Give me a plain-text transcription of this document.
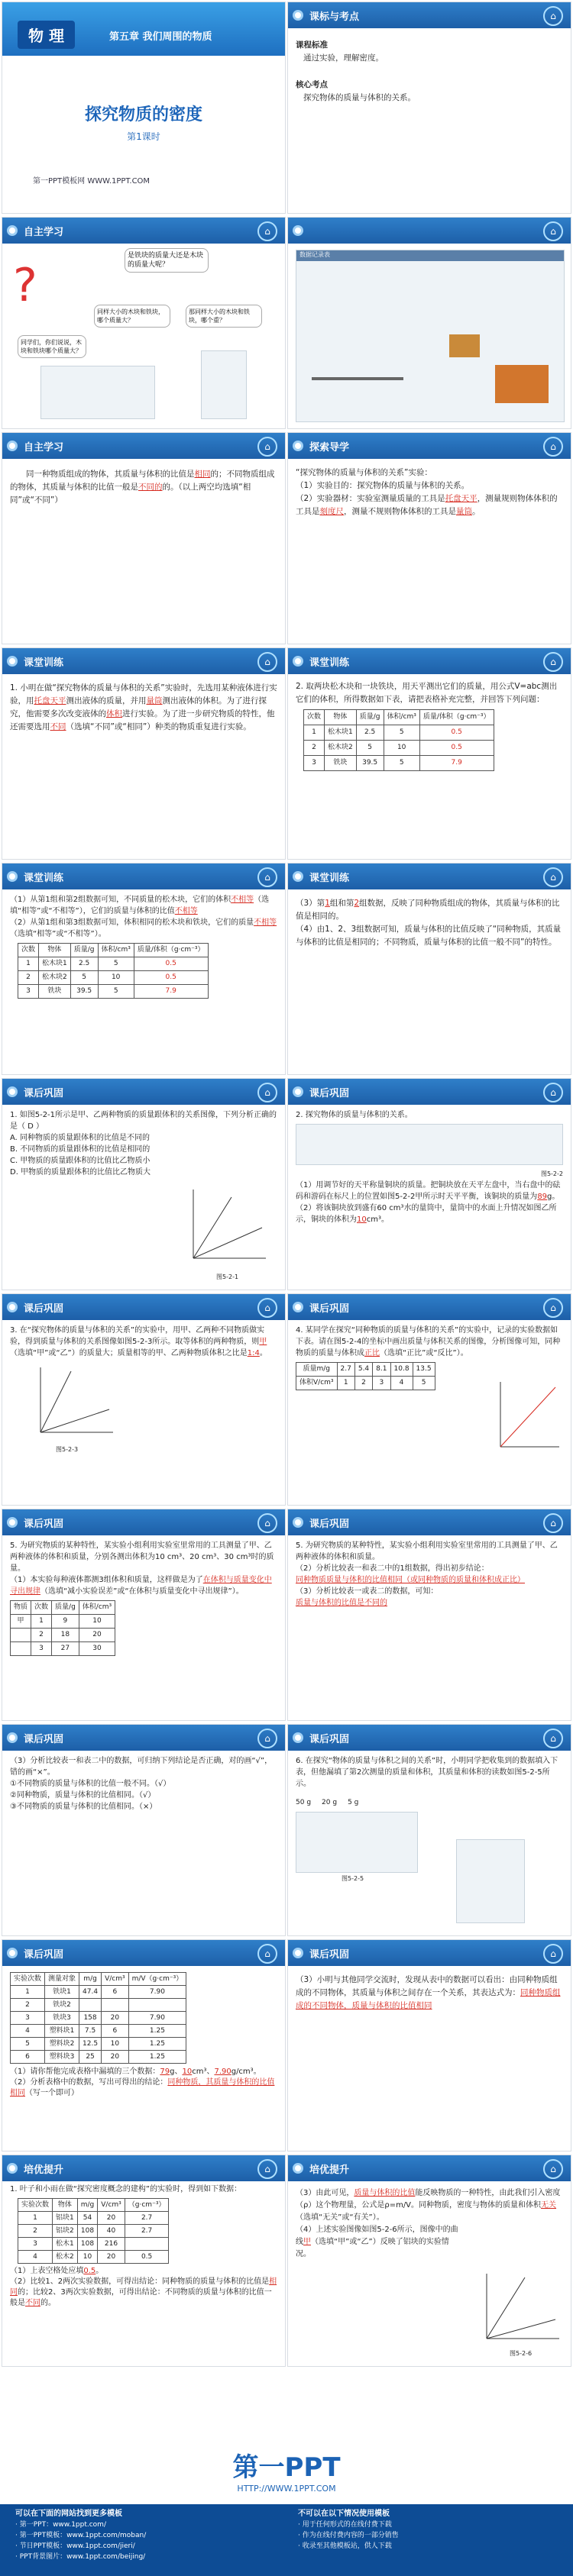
物 理	第五章 我们周围的物质
探究物质的密度
第1课时
第一PPT模板网 WWW.1PPT.COM
课标与考点	⌂
课程标准
通过实验，理解密度。
核心考点
探究物体的质量与体积的关系。
自主学习	⌂
?
是铁块的质量大还是木块的质量大呢？
同学们，你们说说，木块和铁块哪个质量大？
同样大小的木块和铁块，哪个质量大？
那同样大小的木块和铁块，哪个重？
⌂
数据记录表
自主学习	⌂
同一种物质组成的物体，其质量与体积的比值是相同的；不同物质组成的物体，其质量与体积的比值一般是不同的的。（以上两空均选填“相同”或“不同”）
探索导学	⌂
“探究物体的质量与体积的关系”实验：
（1）实验目的：探究物体的质量与体积的关系。
（2）实验器材：实验室测量质量的工具是托盘天平，测量规则物体体积的工具是刻度尺，测量不规则物体体积的工具是量筒。
课堂训练	⌂
1. 小明在做“探究物体的质量与体积的关系”实验时，先选用某种液体进行实验，用托盘天平测出液体的质量，并用量筒测出液体的体积。为了进行探究，他需要多次改变液体的体积进行实验。为了进一步研究物质的特性，他还需要选用不同（选填“不同”或“相同”）种类的物质重复进行实验。
课堂训练	⌂
2. 取两块松木块和一块铁块，用天平测出它们的质量，用公式V=abc测出它们的体积，所得数据如下表，请把表格补充完整，并回答下列问题：
次数	物体	质量/g	体积/cm³	质量/体积（g·cm⁻³）
1	松木块1	2.5	5	0.5
2	松木块2	5	10	0.5
3	铁块	39.5	5	7.9
课堂训练	⌂
（1）从第1组和第2组数据可知，不同质量的松木块，它们的体积不相等（选填“相等”或“不相等”），它们的质量与体积的比值不相等
（2）从第1组和第3组数据可知，体积相同的松木块和铁块，它们的质量不相等（选填“相等”或“不相等”）。
次数	物体	质量/g	体积/cm³	质量/体积（g·cm⁻³）
1	松木块1	2.5	5	0.5
2	松木块2	5	10	0.5
3	铁块	39.5	5	7.9
课堂训练	⌂
（3）第1组和第2组数据，反映了同种物质组成的物体，其质量与体积的比值是相同的。
（4）由1、2、3组数据可知，质量与体积的比值反映了“同种物质，其质量与体积的比值是相同的；不同物质，质量与体积的比值一般不同”的特性。
课后巩固	⌂
1. 如图5-2-1所示是甲、乙两种物质的质量跟体积的关系图像，下列分析正确的是（ D ）
A. 同种物质的质量跟体积的比值是不同的
B. 不同物质的质量跟体积的比值是相同的
C. 甲物质的质量跟体积的比值比乙物质小
D. 甲物质的质量跟体积的比值比乙物质大
图5-2-1
课后巩固	⌂
2. 探究物体的质量与体积的关系。
图5-2-2
（1）用调节好的天平称量铜块的质量。把铜块放在天平左盘中，当右盘中的砝码和游码在标尺上的位置如图5-2-2甲所示时天平平衡，该铜块的质量为89g。
（2）将该铜块放到盛有60 cm³水的量筒中，量筒中的水面上升情况如图乙所示，铜块的体积为10cm³。
课后巩固	⌂
3. 在“探究物体的质量与体积的关系”的实验中，用甲、乙两种不同物质做实验，得到质量与体积的关系图像如图5-2-3所示。取等体积的两种物质，则甲（选填“甲”或“乙”）的质量大；质量相等的甲、乙两种物质体积之比是1:4。
图5-2-3
课后巩固	⌂
4. 某同学在探究“同种物质的质量与体积的关系”的实验中，记录的实验数据如下表。请在图5-2-4的坐标中画出质量与体积关系的图像，分析图像可知，同种物质的质量与体积成正比（选填“正比”或“反比”）。
质量m/g	2.7	5.4	8.1	10.8	13.5
体积V/cm³	1	2	3	4	5
课后巩固	⌂
5. 为研究物质的某种特性，某实验小组利用实验室里常用的工具测量了甲、乙两种液体的体积和质量，分别各测出体积为10 cm³、20 cm³、30 cm³时的质量。
（1）本实验每种液体都测3组体积和质量，这样做是为了在体积与质量变化中寻出规律（选填“减小实验误差”或“在体积与质量变化中寻出规律”）。
物质	次数	质量/g	体积/cm³
甲	1	9	10
	2	18	20
	3	27	30
课后巩固	⌂
5. 为研究物质的某种特性，某实验小组利用实验室里常用的工具测量了甲、乙两种液体的体积和质量。
（2）分析比较表一和表二中的1组数据，得出初步结论：
同种物质质量与体积的比值相同（或同种物质的质量和体积成正比）
（3）分析比较表一或表二的数据，可知：
质量与体积的比值是不同的
课后巩固	⌂
（3）分析比较表一和表二中的数据，可归纳下列结论是否正确，对的画“√”，错的画“×”。
①不同物质的质量与体积的比值一般不同。（√）
②同种物质，质量与体积的比值相同。（√）
③不同物质的质量与体积的比值相同。（×）
课后巩固	⌂
6. 在探究“物体的质量与体积之间的关系”时，小明同学把收集到的数据填入下表，但他漏填了第2次测量的质量和体积，其质量和体积的读数如图5-2-5所示。
50 g 20 g 5 g
图5-2-5
课后巩固	⌂
实验次数	测量对象	m/g	V/cm³	m/V（g·cm⁻³）
1	铁块1	47.4	6	7.90
2	铁块2			
3	铁块3	158	20	7.90
4	塑料块1	7.5	6	1.25
5	塑料块2	12.5	10	1.25
6	塑料块3	25	20	1.25
（1）请你帮他完成表格中漏填的三个数据：79g、10cm³、7.90g/cm³。
（2）分析表格中的数据，写出可得出的结论：同种物质，其质量与体积的比值相同（写一个即可）
课后巩固	⌂
（3）小明与其他同学交流时，发现从表中的数据可以看出：由同种物质组成的不同物体，其质量与体积之间存在一个关系，其表达式为：同种物质组成的不同物体，质量与体积的比值相同
培优提升	⌂
1. 叶子和小雨在做“探究密度概念的建构”的实验时，得到如下数据：
实验次数	物体	m/g	V/cm³	（g·cm⁻³）
1	铝块1	54	20	2.7
2	铝块2	108	40	2.7
3	松木1	108	216	
4	松木2	10	20	0.5
（1）上表空格处应填0.5。
（2）比较1、2两次实验数据，可得出结论：同种物质的质量与体积的比值是相同的；比较2、3两次实验数据，可得出结论：不同物质的质量与体积的比值一般是不同的。
培优提升	⌂
（3）由此可见，质量与体积的比值能反映物质的一种特性，由此我们引入密度（ρ）这个物理量，公式是ρ=m/V。同种物质，密度与物体的质量和体积无关（选填“无关”或“有关”）。
（4）上述实验图像如图5-2-6所示，图像中的曲线甲（选填“甲”或“乙”）反映了铝块的实验情况。
图5-2-6
第一PPT
HTTP://WWW.1PPT.COM
可以在下面的网站找到更多模板
· 第一PPT：www.1ppt.com/
· 第一PPT模板：www.1ppt.com/moban/
· 节日PPT模板：www.1ppt.com/jieri/
· PPT背景图片：www.1ppt.com/beijing/
不可以在以下情况使用模板
· 用于任何形式的在线付费下载
· 作为在线付费内容的一部分销售
· 收录至其他模板站，供人下载
